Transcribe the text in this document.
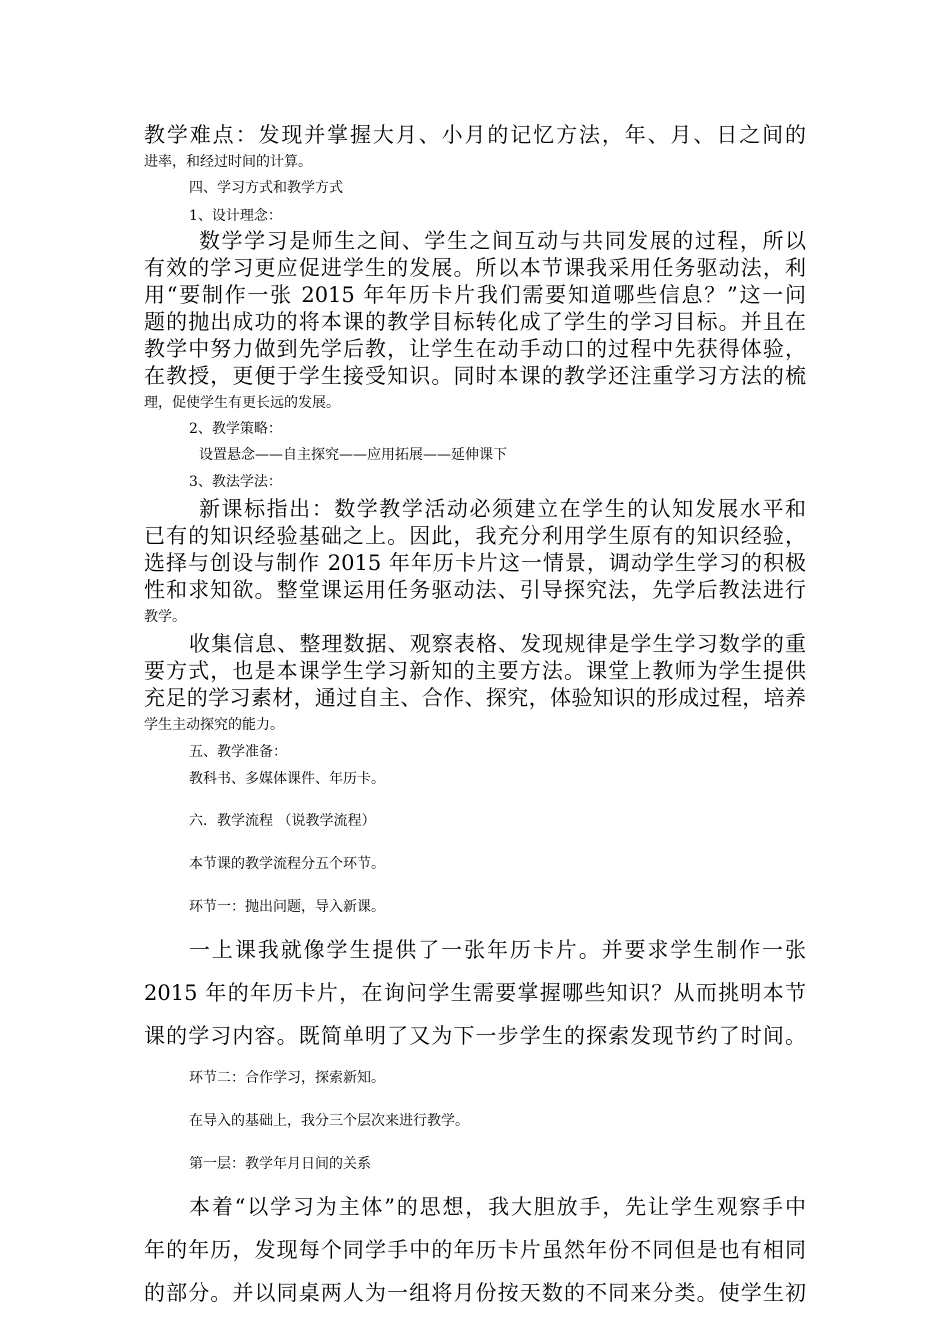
教学难点：发现并掌握大月、小月的记忆方法，年、月、日之间的
进率，和经过时间的计算。
四、学习方式和教学方式
1、设计理念：
数学学习是师生之间、学生之间互动与共同发展的过程，所以
有效的学习更应促进学生的发展。所以本节课我采用任务驱动法，利
用“要制作一张 2015 年年历卡片我们需要知道哪些信息？”这一问
题的抛出成功的将本课的教学目标转化成了学生的学习目标。并且在
教学中努力做到先学后教，让学生在动手动口的过程中先获得体验，
在教授，更便于学生接受知识。同时本课的教学还注重学习方法的梳
理，促使学生有更长远的发展。
2、教学策略：
设置悬念——自主探究——应用拓展——延伸课下
3、教法学法：
新课标指出：数学教学活动必须建立在学生的认知发展水平和
已有的知识经验基础之上。因此，我充分利用学生原有的知识经验，
选择与创设与制作 2015 年年历卡片这一情景，调动学生学习的积极
性和求知欲。整堂课运用任务驱动法、引导探究法，先学后教法进行
教学。
收集信息、整理数据、观察表格、发现规律是学生学习数学的重
要方式，也是本课学生学习新知的主要方法。课堂上教师为学生提供
充足的学习素材，通过自主、合作、探究，体验知识的形成过程，培养
学生主动探究的能力。
五、教学准备：
教科书、多媒体课件、年历卡。
六．教学流程 （说教学流程）
本节课的教学流程分五个环节。
环节一：抛出问题，导入新课。
一上课我就像学生提供了一张年历卡片。并要求学生制作一张
2015 年的年历卡片，在询问学生需要掌握哪些知识？从而挑明本节
课的学习内容。既简单明了又为下一步学生的探索发现节约了时间。
环节二：合作学习，探索新知。
在导入的基础上，我分三个层次来进行教学。
第一层：教学年月日间的关系
本着“以学习为主体”的思想，我大胆放手，先让学生观察手中
年的年历，发现每个同学手中的年历卡片虽然年份不同但是也有相同
的部分。并以同桌两人为一组将月份按天数的不同来分类。使学生初
